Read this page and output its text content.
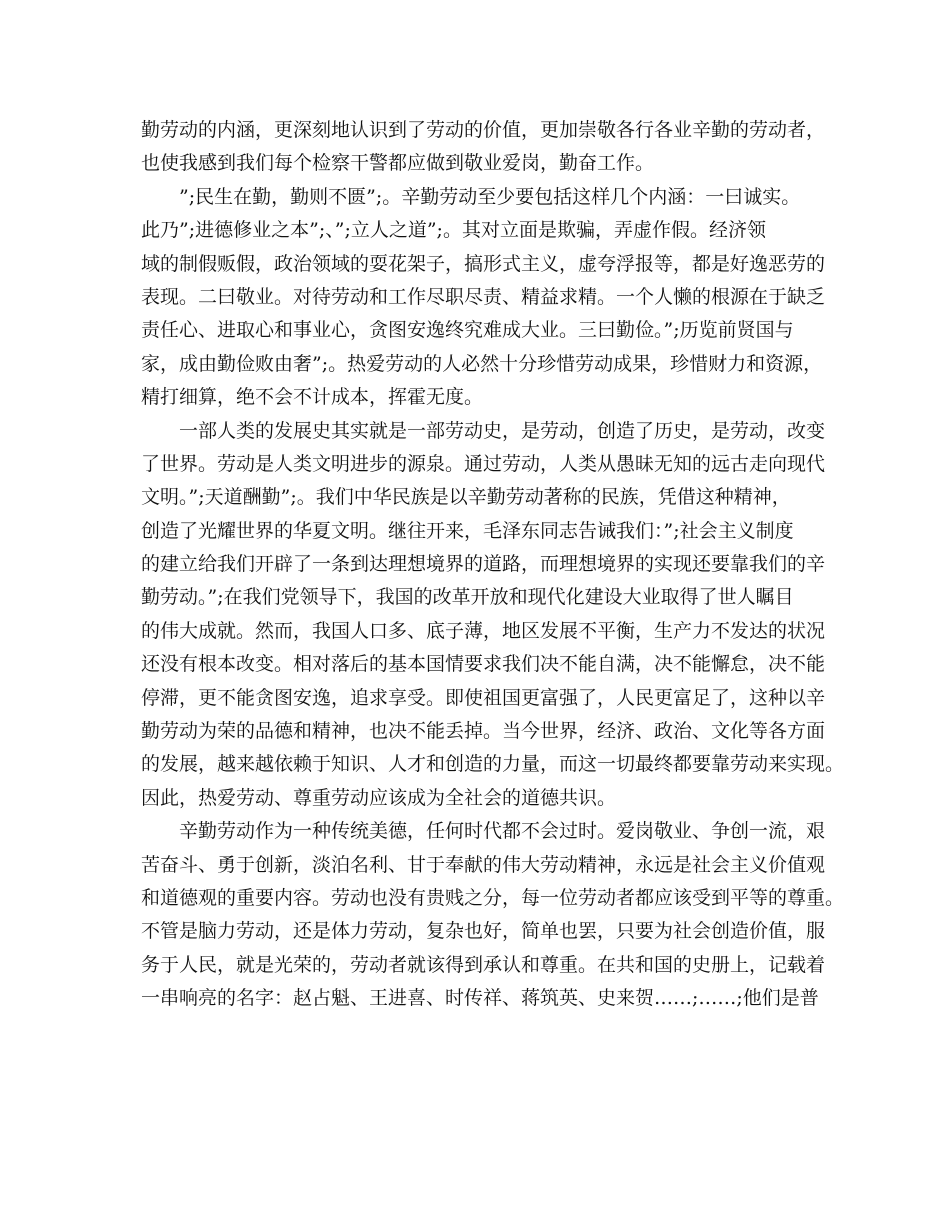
勤劳动的内涵，更深刻地认识到了劳动的价值，更加崇敬各行各业辛勤的劳动者，
也使我感到我们每个检察干警都应做到敬业爱岗，勤奋工作。
　　”;民生在勤，勤则不匮”;。辛勤劳动至少要包括这样几个内涵：一曰诚实。
此乃”;进德修业之本”;、”;立人之道”;。其对立面是欺骗，弄虚作假。经济领
域的制假贩假，政治领域的耍花架子，搞形式主义，虚夸浮报等，都是好逸恶劳的
表现。二曰敬业。对待劳动和工作尽职尽责、精益求精。一个人懒的根源在于缺乏
责任心、进取心和事业心，贪图安逸终究难成大业。三曰勤俭。”;历览前贤国与
家，成由勤俭败由奢”;。热爱劳动的人必然十分珍惜劳动成果，珍惜财力和资源，
精打细算，绝不会不计成本，挥霍无度。
　　一部人类的发展史其实就是一部劳动史，是劳动，创造了历史，是劳动，改变
了世界。劳动是人类文明进步的源泉。通过劳动，人类从愚昧无知的远古走向现代
文明。”;天道酬勤”;。我们中华民族是以辛勤劳动著称的民族，凭借这种精神，
创造了光耀世界的华夏文明。继往开来，毛泽东同志告诫我们：”;社会主义制度
的建立给我们开辟了一条到达理想境界的道路，而理想境界的实现还要靠我们的辛
勤劳动。”;在我们党领导下，我国的改革开放和现代化建设大业取得了世人瞩目
的伟大成就。然而，我国人口多、底子薄，地区发展不平衡，生产力不发达的状况
还没有根本改变。相对落后的基本国情要求我们决不能自满，决不能懈怠，决不能
停滞，更不能贪图安逸，追求享受。即使祖国更富强了，人民更富足了，这种以辛
勤劳动为荣的品德和精神，也决不能丢掉。当今世界，经济、政治、文化等各方面
的发展，越来越依赖于知识、人才和创造的力量，而这一切最终都要靠劳动来实现。
因此，热爱劳动、尊重劳动应该成为全社会的道德共识。
　　辛勤劳动作为一种传统美德，任何时代都不会过时。爱岗敬业、争创一流，艰
苦奋斗、勇于创新，淡泊名利、甘于奉献的伟大劳动精神，永远是社会主义价值观
和道德观的重要内容。劳动也没有贵贱之分，每一位劳动者都应该受到平等的尊重。
不管是脑力劳动，还是体力劳动，复杂也好，简单也罢，只要为社会创造价值，服
务于人民，就是光荣的，劳动者就该得到承认和尊重。在共和国的史册上，记载着
一串响亮的名字：赵占魁、王进喜、时传祥、蒋筑英、史来贺……;……;他们是普
